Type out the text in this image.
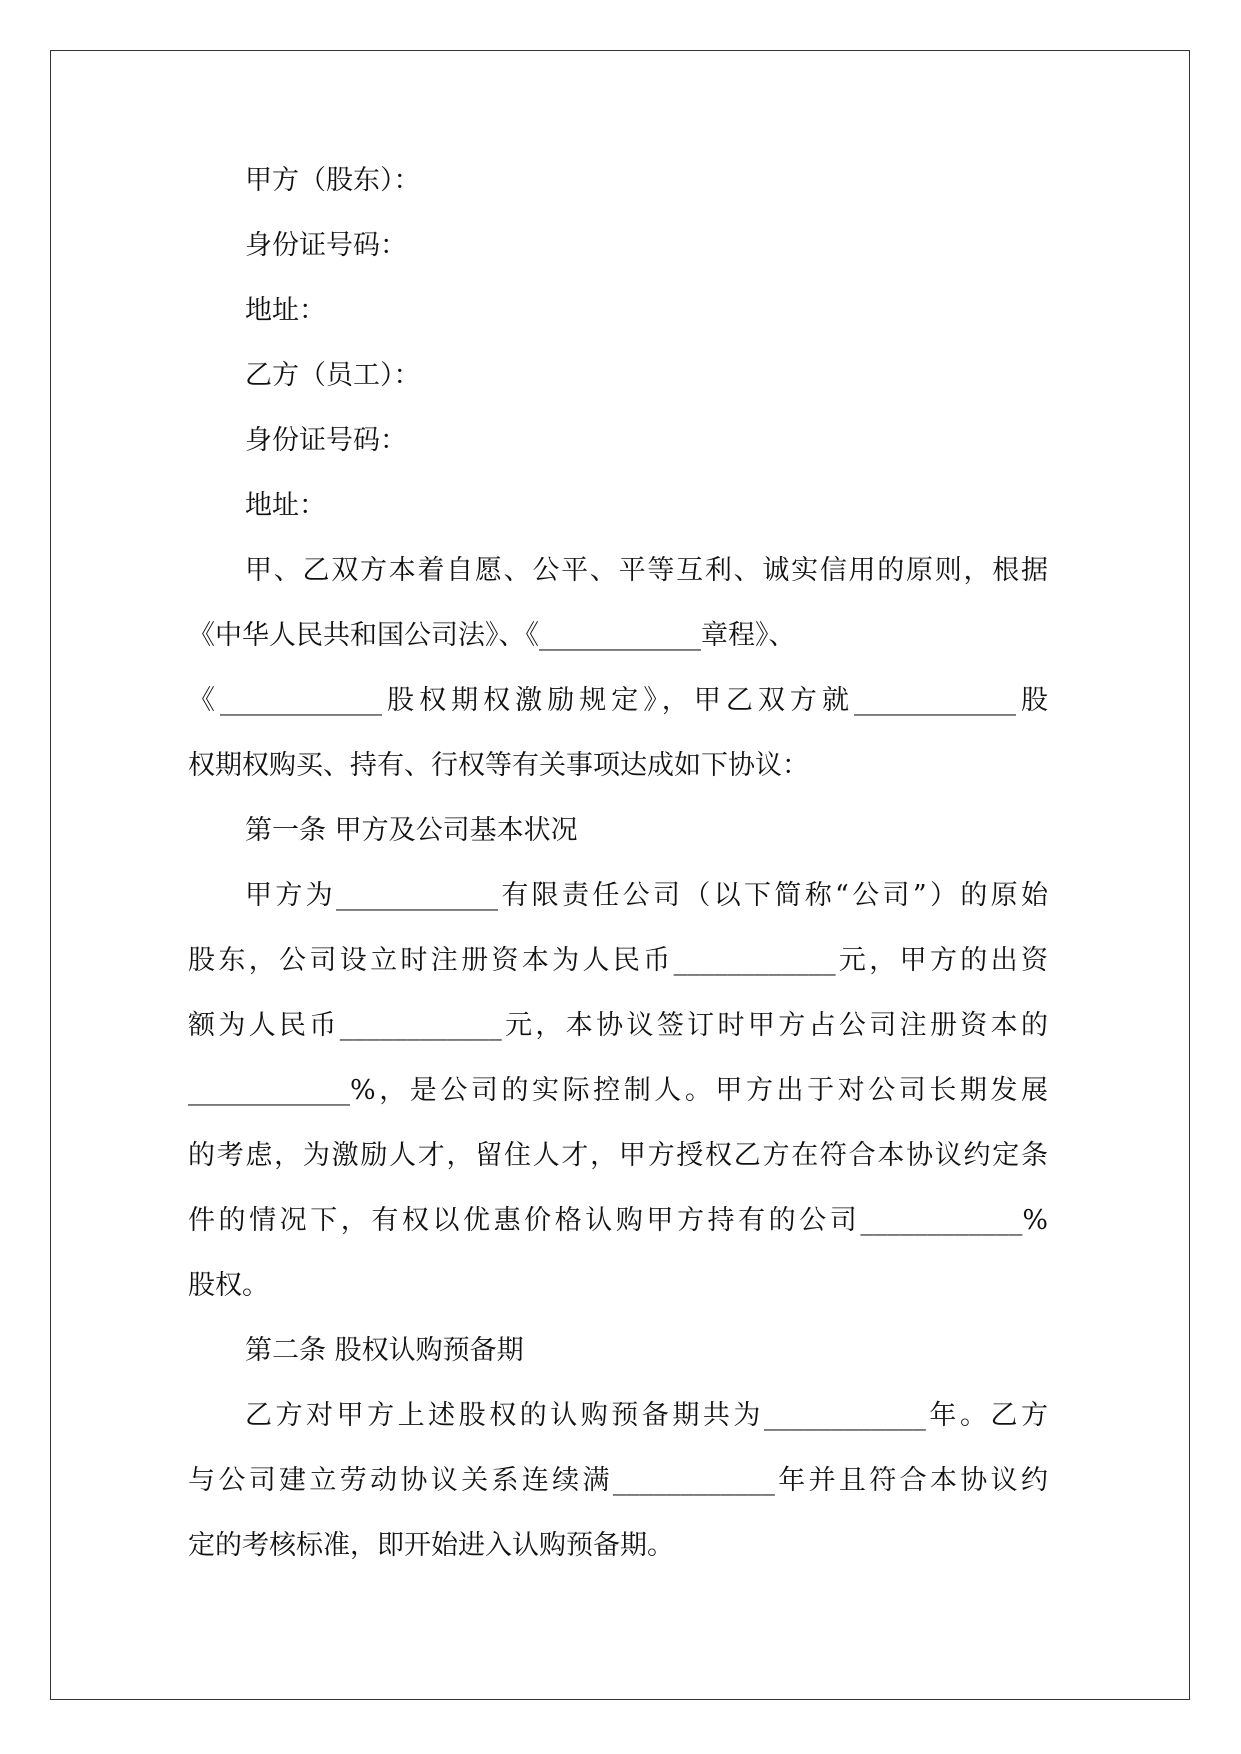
甲方（股东）：
身份证号码：
地址：
乙方（员工）：
身份证号码：
地址：
甲、乙双方本着自愿、公平、平等互利、诚实信用的原则，根据
《中华人民共和国公司法》、《____________章程》、
《____________股权期权激励规定》，甲乙双方就____________股
权期权购买、持有、行权等有关事项达成如下协议：
第一条 甲方及公司基本状况
甲方为____________有限责任公司（以下简称“公司”）的原始
股东，公司设立时注册资本为人民币____________元，甲方的出资
额为人民币____________元，本协议签订时甲方占公司注册资本的
____________%，是公司的实际控制人。甲方出于对公司长期发展
的考虑，为激励人才，留住人才，甲方授权乙方在符合本协议约定条
件的情况下，有权以优惠价格认购甲方持有的公司____________%
股权。
第二条 股权认购预备期
乙方对甲方上述股权的认购预备期共为____________年。乙方
与公司建立劳动协议关系连续满____________年并且符合本协议约
定的考核标准，即开始进入认购预备期。
